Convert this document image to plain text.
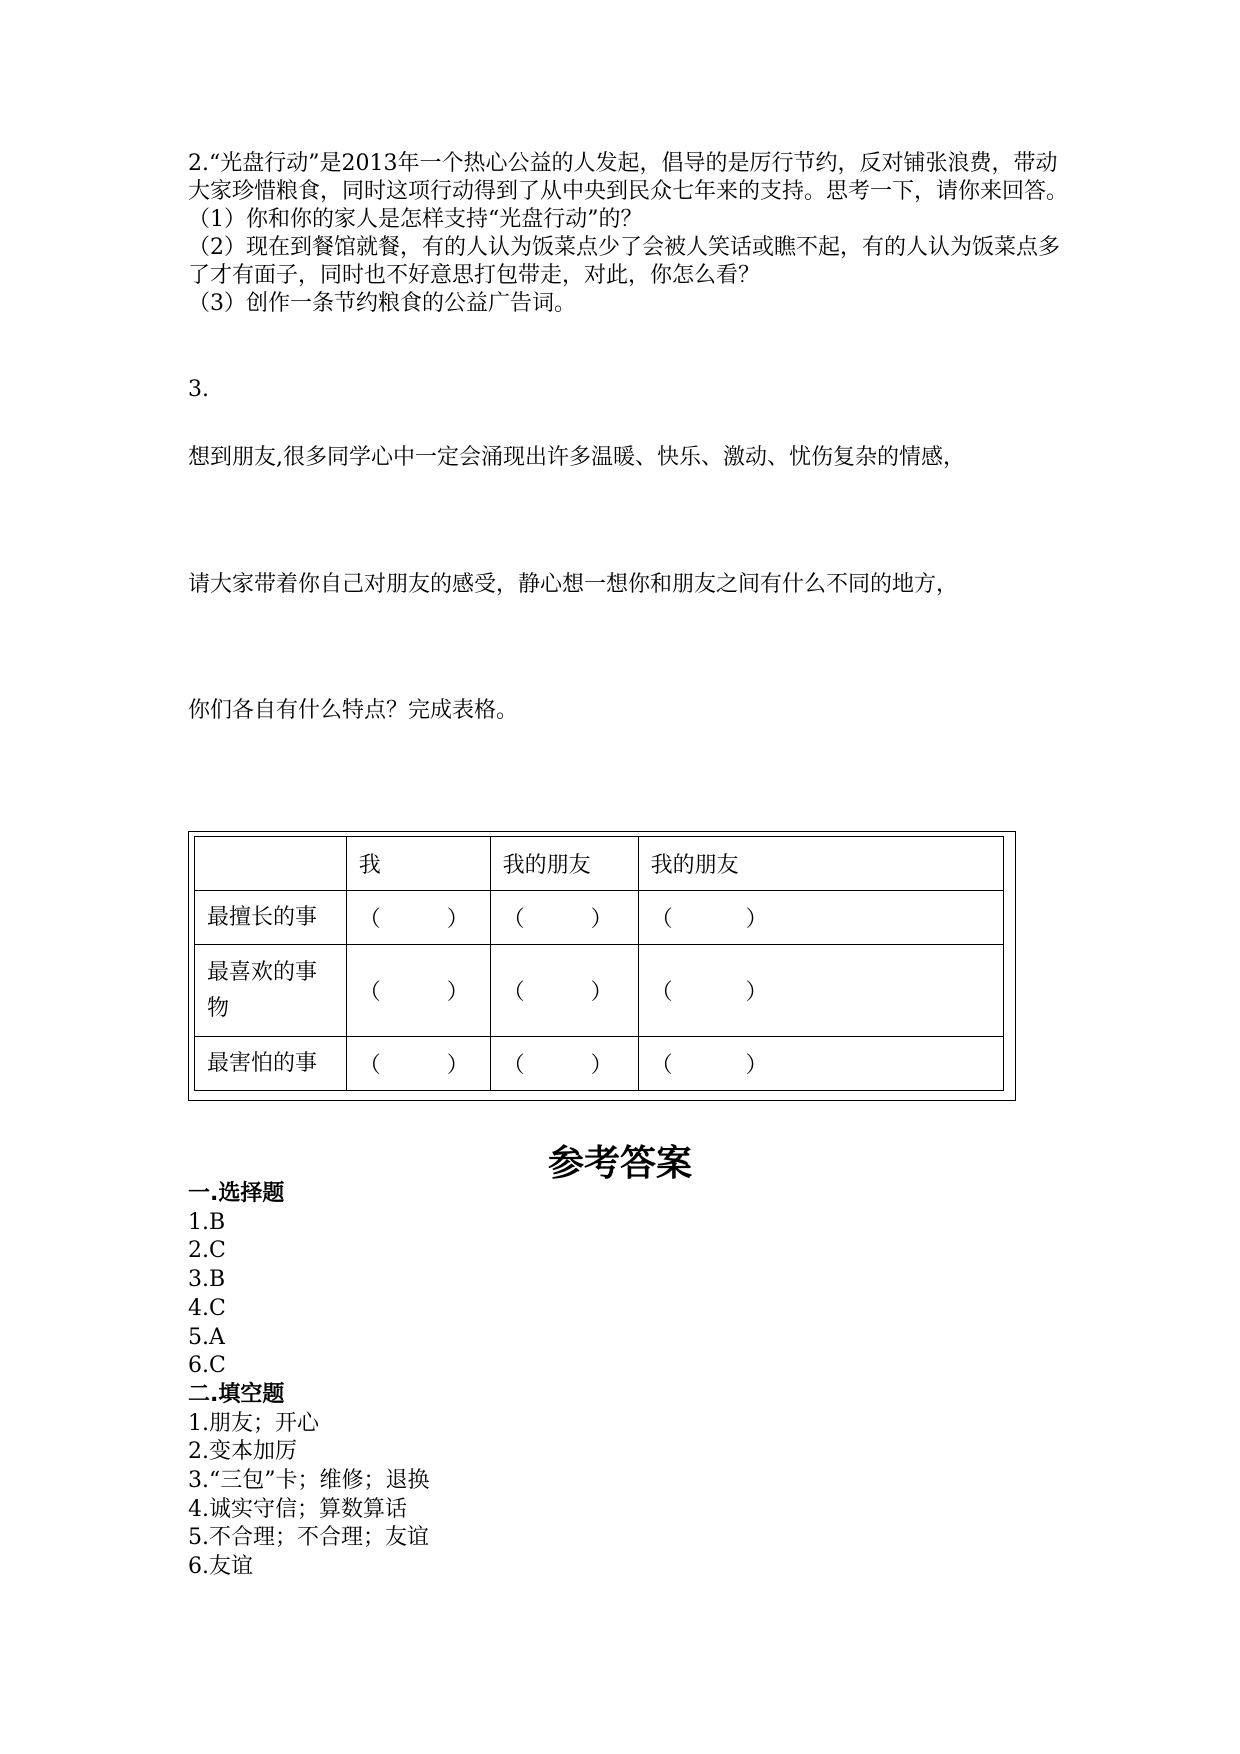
2.“光盘行动”是2013年一个热心公益的人发起，倡导的是厉行节约，反对铺张浪费，带动大家珍惜粮食，同时这项行动得到了从中央到民众七年来的支持。思考一下，请你来回答。

（1）你和你的家人是怎样支持“光盘行动”的？

（2）现在到餐馆就餐，有的人认为饭菜点少了会被人笑话或瞧不起，有的人认为饭菜点多了才有面子，同时也不好意思打包带走，对此，你怎么看？

（3）创作一条节约粮食的公益广告词。

3.
想到朋友,很多同学心中一定会涌现出许多温暖、快乐、激动、忧伤复杂的情感，
请大家带着你自己对朋友的感受，静心想一想你和朋友之间有什么不同的地方，
你们各自有什么特点？完成表格。
	我	我的朋友	我的朋友
最擅长的事	（　　　）	（　　　）	（　　　 ）
最喜欢的事物	（　　　）	（　　　）	（　　　 ）
最害怕的事	（　　　）	（　　　）	（　　　 ）
参考答案
一.选择题
1.B
2.C
3.B
4.C
5.A
6.C
二.填空题
1.朋友；开心
2.变本加厉
3.“三包”卡；维修；退换
4.诚实守信；算数算话
5.不合理；不合理；友谊
6.友谊
